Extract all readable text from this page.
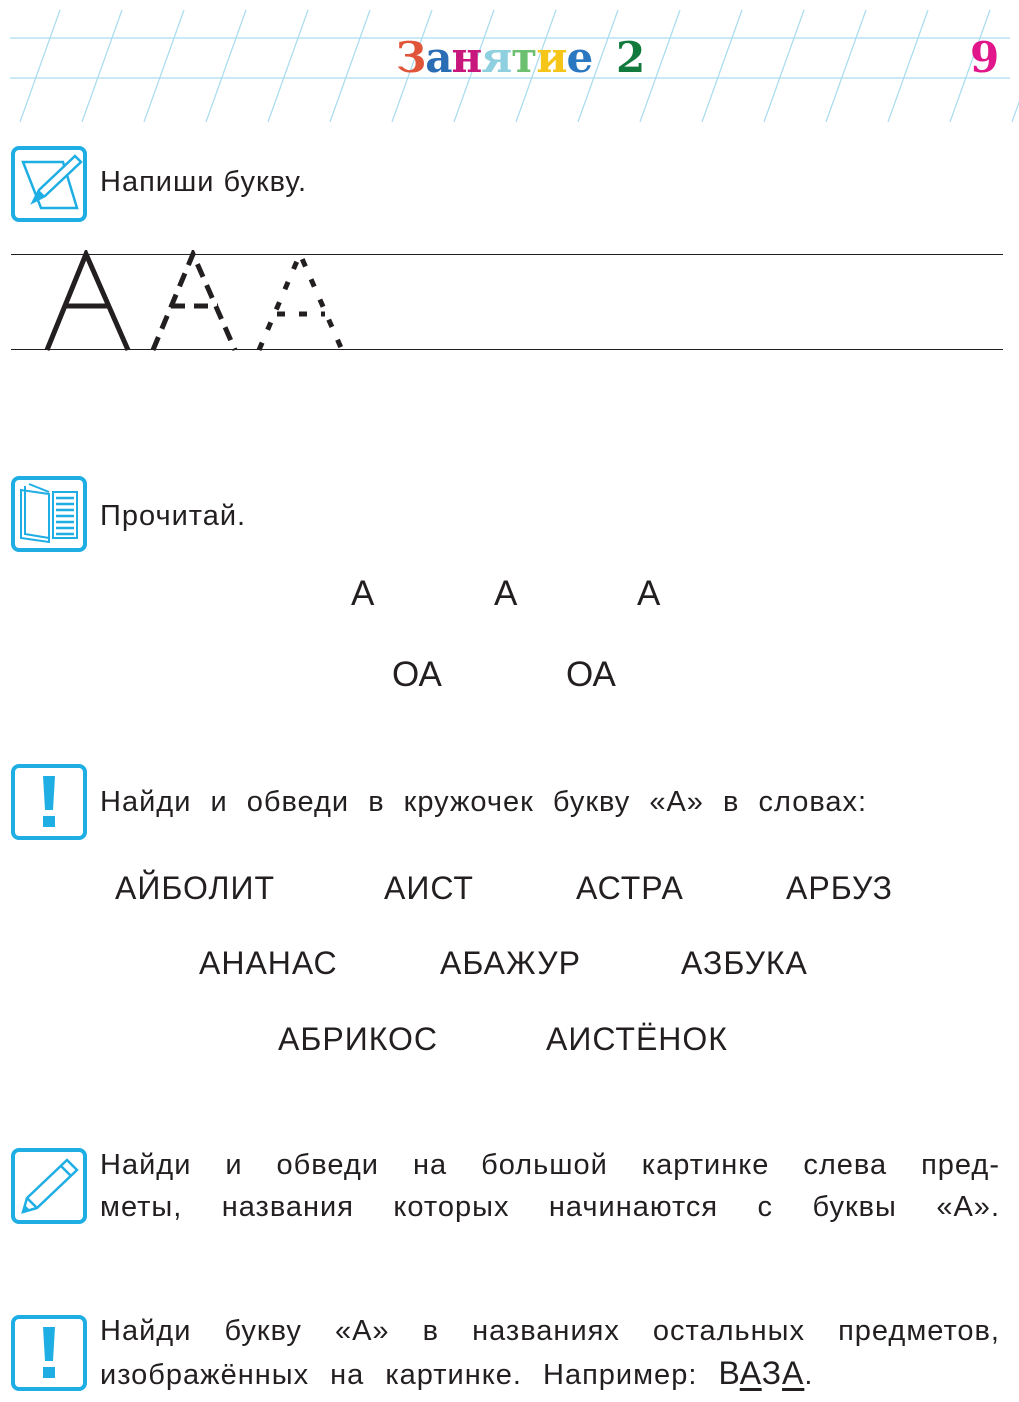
Занятие 2	9
Напиши букву.
Прочитай.
А	А	А
ОА	ОА
Найди и обведи в кружочек букву «А» в словах:
АЙБОЛИТ	АИСТ	АСТРА	АРБУЗ
АНАНАС	АБАЖУР	АЗБУКА
АБРИКОС	АИСТЁНОК
Найди и обведи на большой картинке слева пред-
меты, названия которых начинаются с буквы «А».
Найди букву «А» в названиях остальных предметов,
изображённых на картинке. Например: ВАЗА.
